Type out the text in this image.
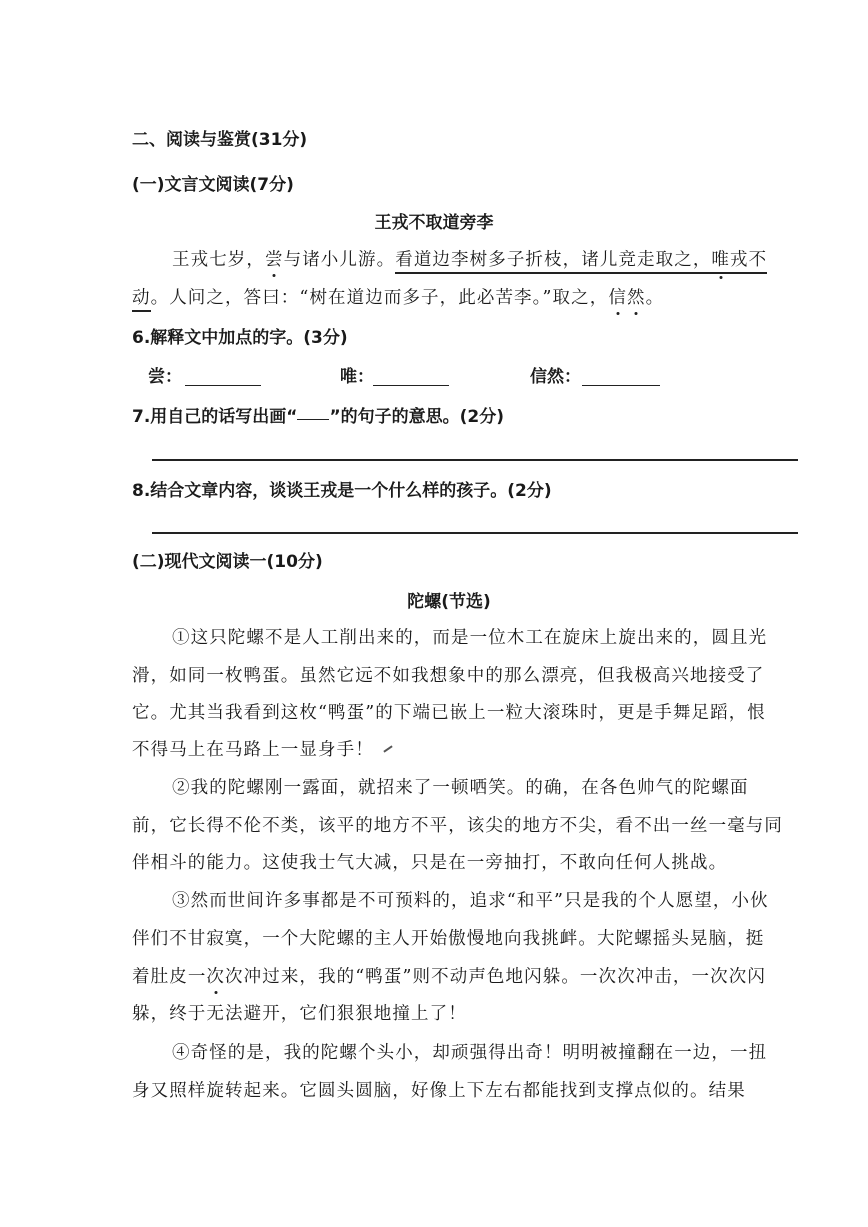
二、阅读与鉴赏(31分)

(一)文言文阅读(7分)

王戎不取道旁李

王戎七岁，尝与诸小儿游。看道边李树多子折枝，诸儿竞走取之，唯戎不

动。人问之，答曰：“树在道边而多子，此必苦李。”取之，信然。

6.解释文中加点的字。(3分)

尝：	唯：	信然：

7.用自己的话写出画“ ”的句子的意思。(2分)

8.结合文章内容，谈谈王戎是一个什么样的孩子。(2分)

(二)现代文阅读一(10分)

陀螺(节选)

①这只陀螺不是人工削出来的，而是一位木工在旋床上旋出来的，圆且光

滑，如同一枚鸭蛋。虽然它远不如我想象中的那么漂亮，但我极高兴地接受了

它。尤其当我看到这枚“鸭蛋”的下端已嵌上一粒大滚珠时，更是手舞足蹈，恨

不得马上在马路上一显身手！

②我的陀螺刚一露面，就招来了一顿哂笑。的确，在各色帅气的陀螺面

前，它长得不伦不类，该平的地方不平，该尖的地方不尖，看不出一丝一毫与同

伴相斗的能力。这使我士气大减，只是在一旁抽打，不敢向任何人挑战。

③然而世间许多事都是不可预料的，追求“和平”只是我的个人愿望，小伙

伴们不甘寂寞，一个大陀螺的主人开始傲慢地向我挑衅。大陀螺摇头晃脑，挺

着肚皮一次次冲过来，我的“鸭蛋”则不动声色地闪躲。一次次冲击，一次次闪

躲，终于无法避开，它们狠狠地撞上了！

④奇怪的是，我的陀螺个头小，却顽强得出奇！明明被撞翻在一边，一扭

身又照样旋转起来。它圆头圆脑，好像上下左右都能找到支撑点似的。结果
